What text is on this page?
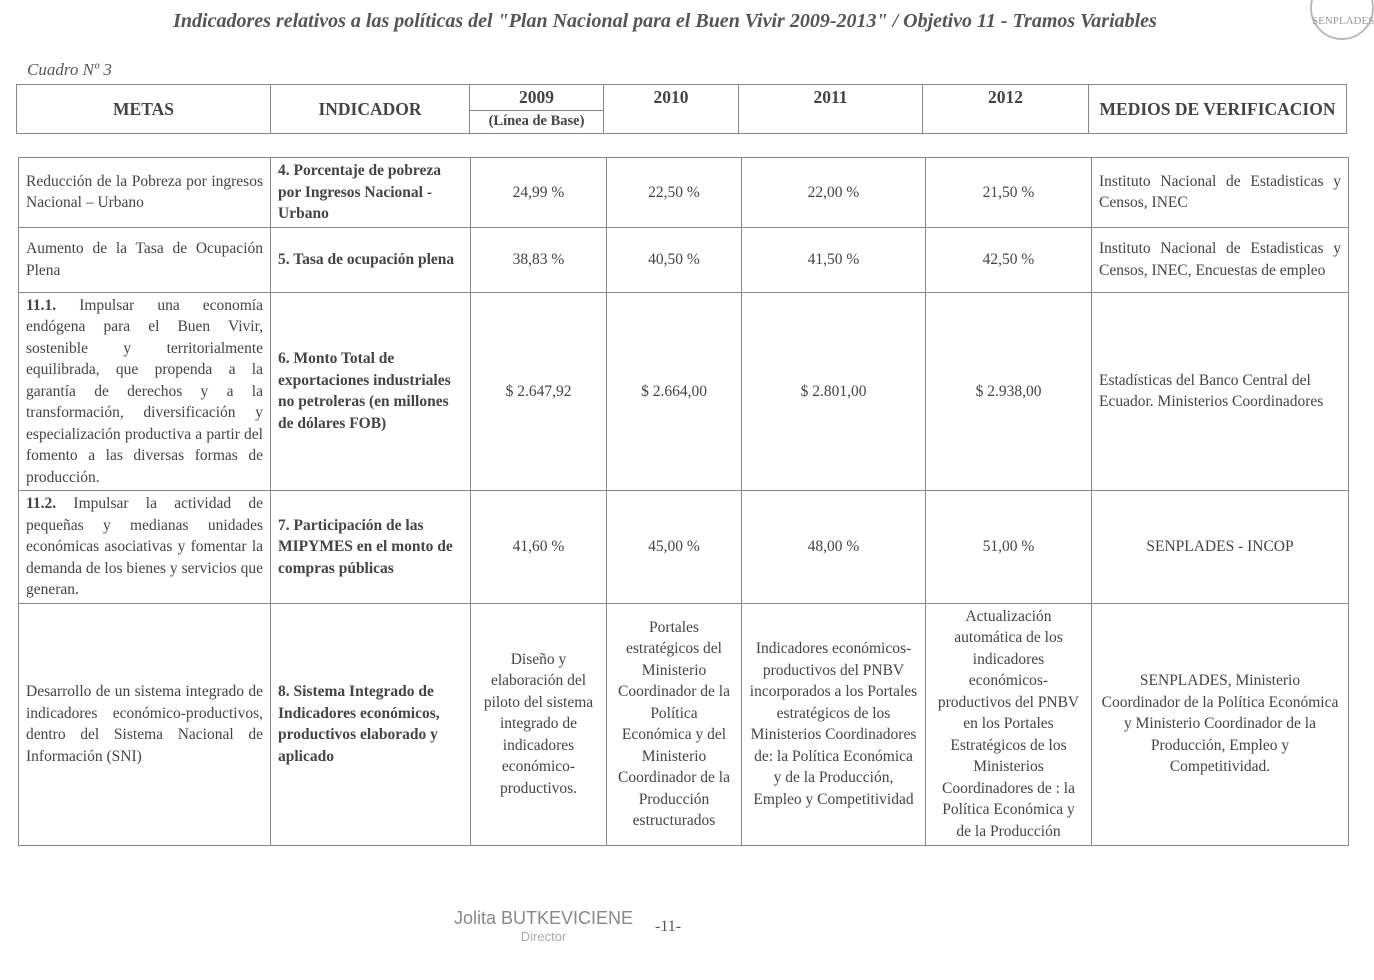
Indicadores relativos a las políticas del "Plan Nacional para el Buen Vivir 2009-2013" / Objetivo 11 - Tramos Variables	SENPLADES
Cuadro Nº 3
METAS	INDICADOR	2009	2010	2011	2012	MEDIOS DE VERIFICACION
(Línea de Base)
Reducción de la Pobreza por ingresos Nacional – Urbano	4. Porcentaje de pobreza por Ingresos Nacional - Urbano	24,99 %	22,50 %	22,00 %	21,50 %	Instituto Nacional de Estadisticas y Censos, INEC
Aumento de la Tasa de Ocupación Plena	5. Tasa de ocupación plena	38,83 %	40,50 %	41,50 %	42,50 %	Instituto Nacional de Estadisticas y Censos, INEC, Encuestas de empleo
11.1. Impulsar una economía endógena para el Buen Vivir, sostenible y territorialmente equilibrada, que propenda a la garantía de derechos y a la transformación, diversificación y especialización productiva a partir del fomento a las diversas formas de producción.	6. Monto Total de exportaciones industriales no petroleras (en millones de dólares FOB)	$ 2.647,92	$ 2.664,00	$ 2.801,00	$ 2.938,00	Estadísticas del Banco Central del Ecuador. Ministerios Coordinadores
11.2. Impulsar la actividad de pequeñas y medianas unidades económicas asociativas y fomentar la demanda de los bienes y servicios que generan.	7. Participación de las MIPYMES en el monto de compras públicas	41,60 %	45,00 %	48,00 %	51,00 %	SENPLADES - INCOP
Desarrollo de un sistema integrado de indicadores económico-productivos, dentro del Sistema Nacional de Información (SNI)	8. Sistema Integrado de Indicadores económicos, productivos elaborado y aplicado	Diseño y elaboración del piloto del sistema integrado de indicadores económico-productivos.	Portales estratégicos del Ministerio Coordinador de la Política Económica y del Ministerio Coordinador de la Producción estructurados	Indicadores económicos-productivos del PNBV incorporados a los Portales estratégicos de los Ministerios Coordinadores de: la Política Económica y de la Producción, Empleo y Competitividad	Actualización automática de los indicadores económicos-productivos del PNBV en los Portales Estratégicos de los Ministerios Coordinadores de : la Política Económica y de la Producción	SENPLADES, Ministerio Coordinador de la Política Económica y Ministerio Coordinador de la Producción, Empleo y Competitividad.
Jolita BUTKEVICIENE
Director
-11-
